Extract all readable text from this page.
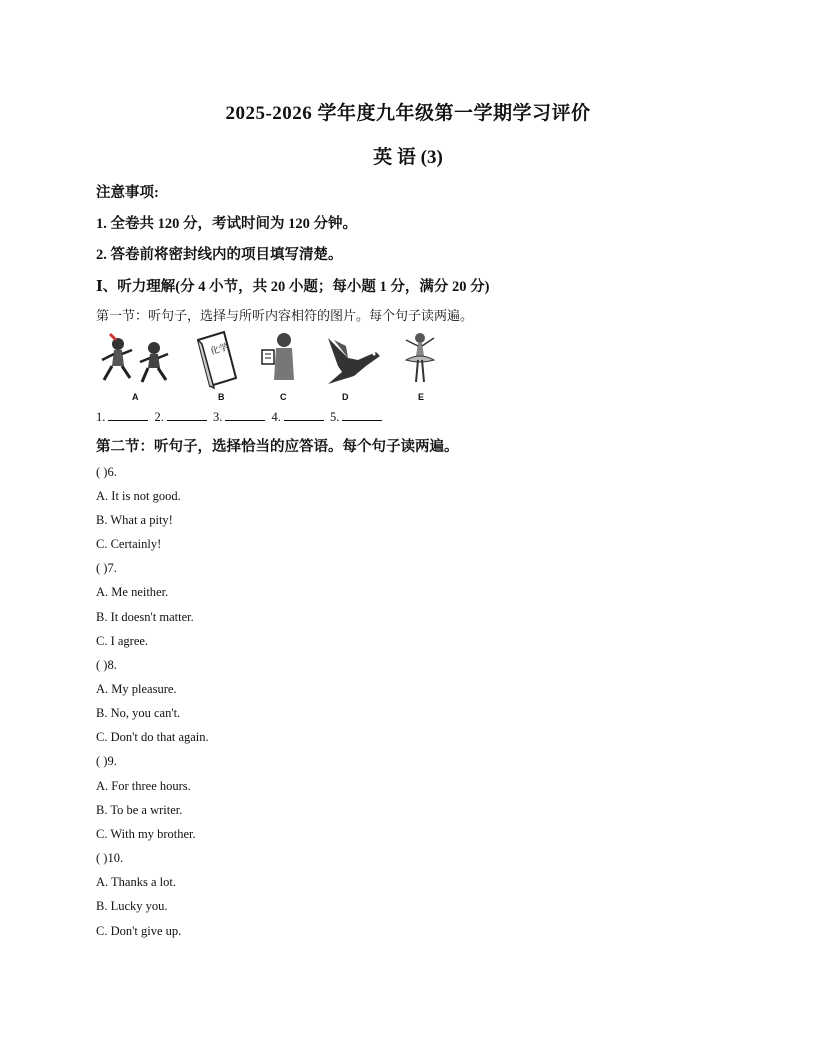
2025-2026 学年度九年级第一学期学习评价
英 语 (3)
注意事项:
1. 全卷共 120 分，考试时间为 120 分钟。
2. 答卷前将密封线内的项目填写清楚。
Ⅰ、听力理解(分 4 小节，共 20 小题；每小题 1 分，满分 20 分)
第一节：听句子，选择与所听内容相符的图片。每个句子读两遍。
A
化学
B	C	D	E
1.	2.	3.	4.	5.
第二节：听句子，选择恰当的应答语。每个句子读两遍。
( )6.
A. It is not good.
B. What a pity!
C. Certainly!
( )7.
A. Me neither.
B. It doesn't matter.
C. I agree.
( )8.
A. My pleasure.
B. No, you can't.
C. Don't do that again.
( )9.
A. For three hours.
B. To be a writer.
C. With my brother.
( )10.
A. Thanks a lot.
B. Lucky you.
C. Don't give up.
